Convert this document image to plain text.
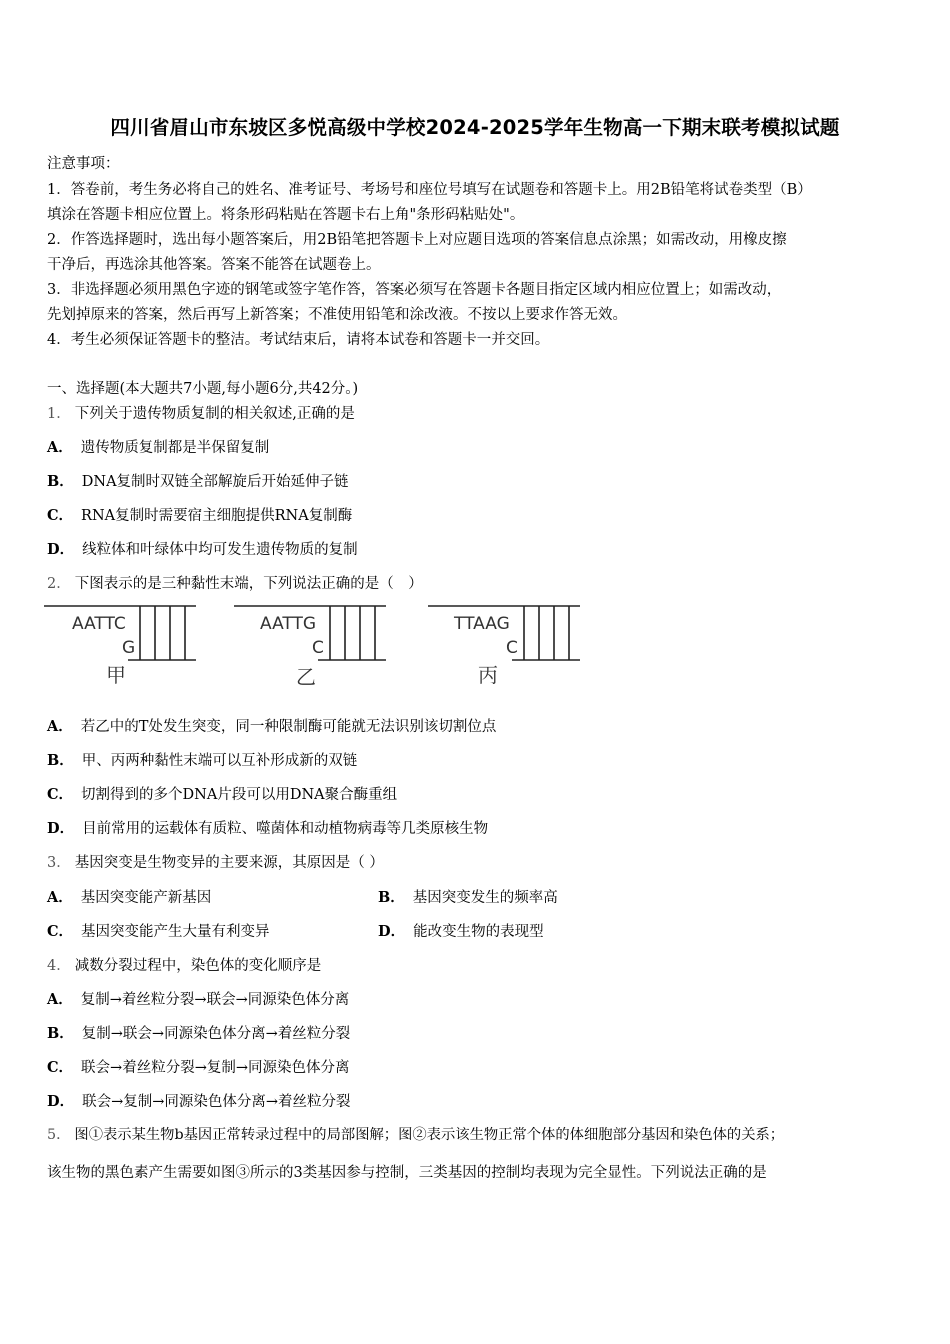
四川省眉山市东坡区多悦高级中学校2024-2025学年生物高一下期末联考模拟试题
注意事项：
1．答卷前，考生务必将自己的姓名、准考证号、考场号和座位号填写在试题卷和答题卡上。用2B铅笔将试卷类型（B）
填涂在答题卡相应位置上。将条形码粘贴在答题卡右上角"条形码粘贴处"。
2．作答选择题时，选出每小题答案后，用2B铅笔把答题卡上对应题目选项的答案信息点涂黑；如需改动，用橡皮擦
干净后，再选涂其他答案。答案不能答在试题卷上。
3．非选择题必须用黑色字迹的钢笔或签字笔作答，答案必须写在答题卡各题目指定区域内相应位置上；如需改动，
先划掉原来的答案，然后再写上新答案；不准使用铅笔和涂改液。不按以上要求作答无效。
4．考生必须保证答题卡的整洁。考试结束后，请将本试卷和答题卡一并交回。
一、选择题(本大题共7小题,每小题6分,共42分。)
1． 下列关于遗传物质复制的相关叙述,正确的是
A． 遗传物质复制都是半保留复制
B． DNA复制时双链全部解旋后开始延伸子链
C． RNA复制时需要宿主细胞提供RNA复制酶
D． 线粒体和叶绿体中均可发生遗传物质的复制
2． 下图表示的是三种黏性末端，下列说法正确的是（　）
AATTC
G
甲
AATTG
C
乙
TTAAG
C
丙
A． 若乙中的T处发生突变，同一种限制酶可能就无法识别该切割位点
B． 甲、丙两种黏性末端可以互补形成新的双链
C． 切割得到的多个DNA片段可以用DNA聚合酶重组
D． 目前常用的运载体有质粒、噬菌体和动植物病毒等几类原核生物
3． 基因突变是生物变异的主要来源，其原因是（ ）
A． 基因突变能产新基因	B． 基因突变发生的频率高
C． 基因突变能产生大量有利变异	D． 能改变生物的表现型
4． 减数分裂过程中，染色体的变化顺序是
A． 复制→着丝粒分裂→联会→同源染色体分离
B． 复制→联会→同源染色体分离→着丝粒分裂
C． 联会→着丝粒分裂→复制→同源染色体分离
D． 联会→复制→同源染色体分离→着丝粒分裂
5． 图①表示某生物b基因正常转录过程中的局部图解；图②表示该生物正常个体的体细胞部分基因和染色体的关系；
该生物的黑色素产生需要如图③所示的3类基因参与控制，三类基因的控制均表现为完全显性。下列说法正确的是
